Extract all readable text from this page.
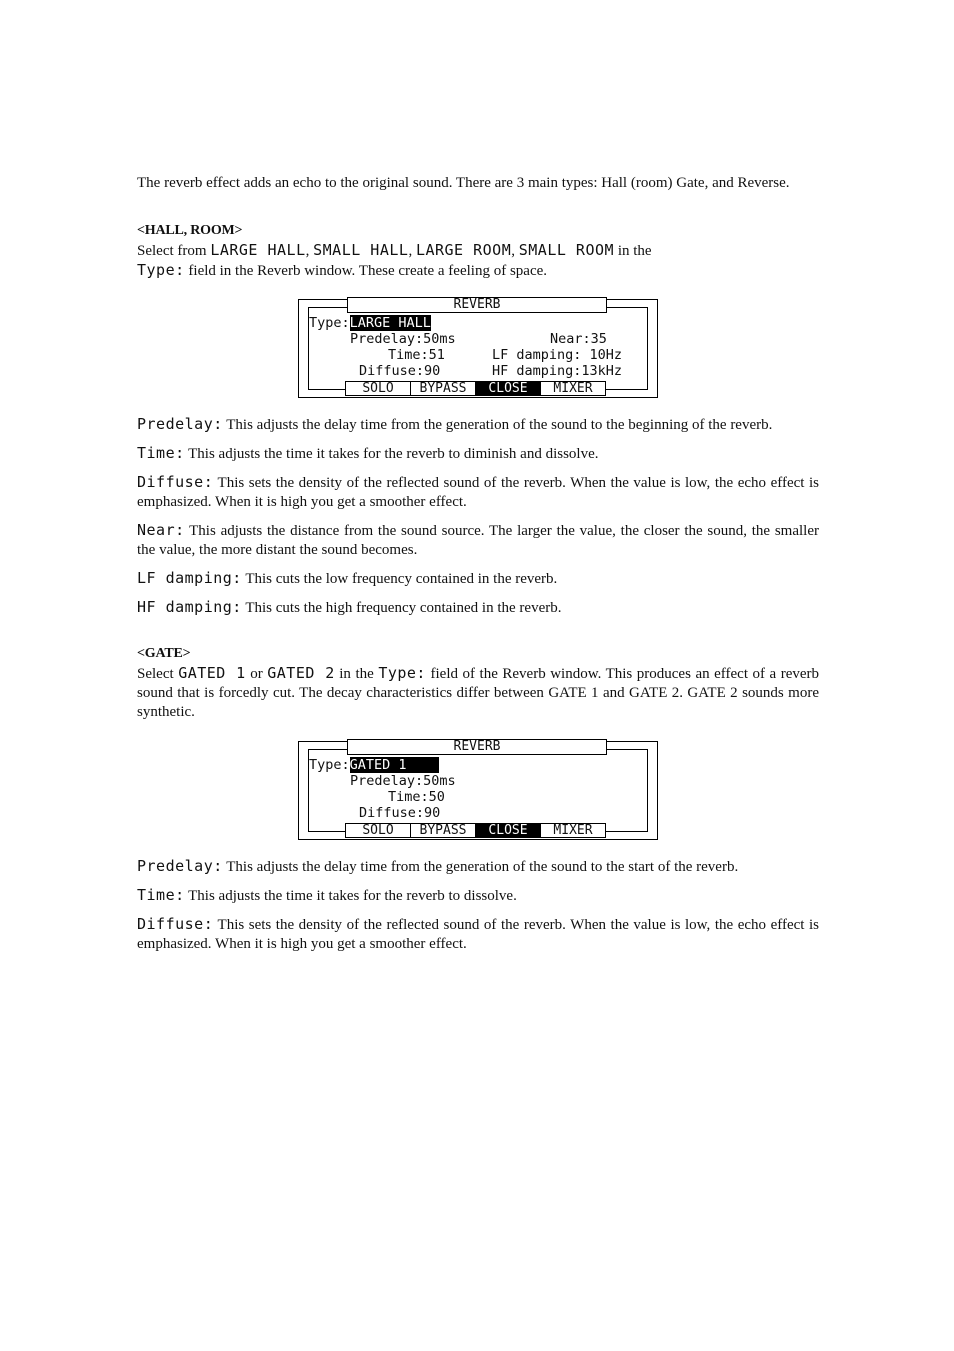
The reverb effect adds an echo to the original sound. There are 3 main types: Hall (room) Gate, and Reverse.

<HALL, ROOM>

Select from LARGE HALL, SMALL HALL, LARGE ROOM, SMALL ROOM in the
Type: field in the Reverb window. These create a feeling of space.

REVERB
Type:LARGE HALL
Predelay:50ms	Near:35
Time:51	LF damping: 10Hz
Diffuse:90	HF damping:13kHz
SOLO	BYPASS	CLOSE	MIXER

Predelay: This adjusts the delay time from the generation of the sound to the beginning of the reverb.

Time: This adjusts the time it takes for the reverb to diminish and dissolve.

Diffuse: This sets the density of the reflected sound of the reverb. When the value is low, the echo effect is emphasized. When it is high you get a smoother effect.

Near: This adjusts the distance from the sound source. The larger the value, the closer the sound, the smaller the value, the more distant the sound becomes.

LF damping: This cuts the low frequency contained in the reverb.

HF damping: This cuts the high frequency contained in the reverb.

<GATE>

Select GATED 1 or GATED 2 in the Type: field of the Reverb window. This produces an effect of a reverb sound that is forcedly cut. The decay characteristics differ between GATE 1 and GATE 2. GATE 2 sounds more synthetic.

REVERB
Type:GATED 1
Predelay:50ms
Time:50
Diffuse:90
SOLO	BYPASS	CLOSE	MIXER

Predelay: This adjusts the delay time from the generation of the sound to the start of the reverb.

Time: This adjusts the time it takes for the reverb to dissolve.

Diffuse: This sets the density of the reflected sound of the reverb. When the value is low, the echo effect is emphasized. When it is high you get a smoother effect.
